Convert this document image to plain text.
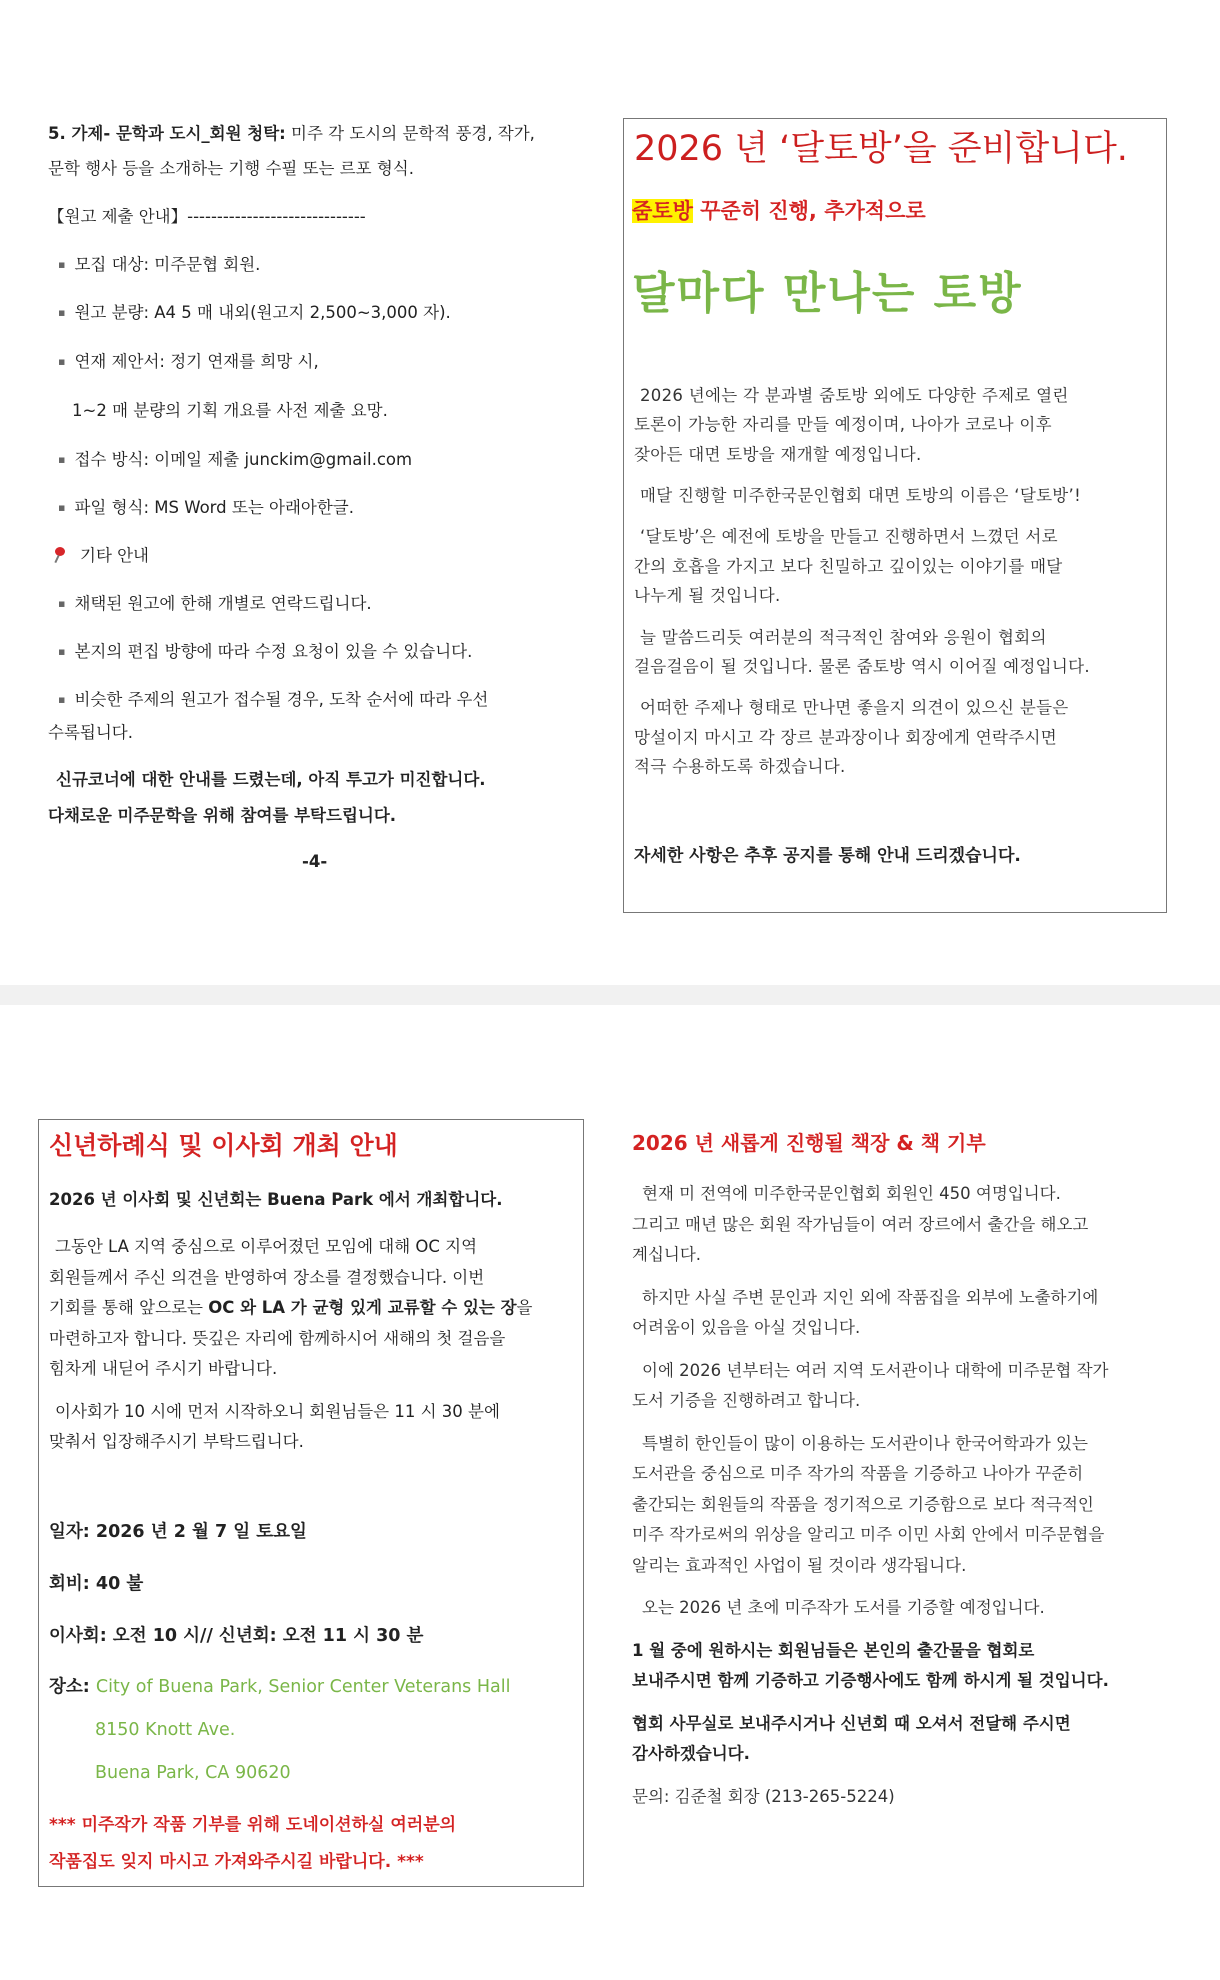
5. 가제- 문학과 도시_회원 청탁: 미주 각 도시의 문학적 풍경, 작가,
문학 행사 등을 소개하는 기행 수필 또는 르포 형식.
【원고 제출 안내】------------------------------
▪ 모집 대상: 미주문협 회원.
▪ 원고 분량: A4 5 매 내외(원고지 2,500~3,000 자).
▪ 연재 제안서: 정기 연재를 희망 시,
1~2 매 분량의 기획 개요를 사전 제출 요망.
▪ 접수 방식: 이메일 제출 junckim@gmail.com
▪ 파일 형식: MS Word 또는 아래아한글.
기타 안내
▪ 채택된 원고에 한해 개별로 연락드립니다.
▪ 본지의 편집 방향에 따라 수정 요청이 있을 수 있습니다.
▪ 비슷한 주제의 원고가 접수될 경우, 도착 순서에 따라 우선
수록됩니다.
신규코너에 대한 안내를 드렸는데, 아직 투고가 미진합니다.
다채로운 미주문학을 위해 참여를 부탁드립니다.
-4-
2026 년 ‘달토방’을 준비합니다.
줌토방 꾸준히 진행, 추가적으로
달마다 만나는 토방
2026 년에는 각 분과별 줌토방 외에도 다양한 주제로 열린
토론이 가능한 자리를 만들 예정이며, 나아가 코로나 이후
잦아든 대면 토방을 재개할 예정입니다.
매달 진행할 미주한국문인협회 대면 토방의 이름은 ‘달토방’!
‘달토방’은 예전에 토방을 만들고 진행하면서 느꼈던 서로
간의 호흡을 가지고 보다 친밀하고 깊이있는 이야기를 매달
나누게 될 것입니다.
늘 말씀드리듯 여러분의 적극적인 참여와 응원이 협회의
걸음걸음이 될 것입니다. 물론 줌토방 역시 이어질 예정입니다.
어떠한 주제나 형태로 만나면 좋을지 의견이 있으신 분들은
망설이지 마시고 각 장르 분과장이나 회장에게 연락주시면
적극 수용하도록 하겠습니다.
자세한 사항은 추후 공지를 통해 안내 드리겠습니다.
신년하례식 및 이사회 개최 안내
2026 년 이사회 및 신년회는 Buena Park 에서 개최합니다.
그동안 LA 지역 중심으로 이루어졌던 모임에 대해 OC 지역
회원들께서 주신 의견을 반영하여 장소를 결정했습니다. 이번
기회를 통해 앞으로는 OC 와 LA 가 균형 있게 교류할 수 있는 장을
마련하고자 합니다. 뜻깊은 자리에 함께하시어 새해의 첫 걸음을
힘차게 내딛어 주시기 바랍니다.
이사회가 10 시에 먼저 시작하오니 회원님들은 11 시 30 분에
맞춰서 입장해주시기 부탁드립니다.
일자: 2026 년 2 월 7 일 토요일
회비: 40 불
이사회: 오전 10 시// 신년회: 오전 11 시 30 분
장소: City of Buena Park, Senior Center Veterans Hall
8150 Knott Ave.
Buena Park, CA 90620
*** 미주작가 작품 기부를 위해 도네이션하실 여러분의
작품집도 잊지 마시고 가져와주시길 바랍니다. ***
2026 년 새롭게 진행될 책장 & 책 기부
현재 미 전역에 미주한국문인협회 회원인 450 여명입니다.
그리고 매년 많은 회원 작가님들이 여러 장르에서 출간을 해오고
계십니다.
하지만 사실 주변 문인과 지인 외에 작품집을 외부에 노출하기에
어려움이 있음을 아실 것입니다.
이에 2026 년부터는 여러 지역 도서관이나 대학에 미주문협 작가
도서 기증을 진행하려고 합니다.
특별히 한인들이 많이 이용하는 도서관이나 한국어학과가 있는
도서관을 중심으로 미주 작가의 작품을 기증하고 나아가 꾸준히
출간되는 회원들의 작품을 정기적으로 기증함으로 보다 적극적인
미주 작가로써의 위상을 알리고 미주 이민 사회 안에서 미주문협을
알리는 효과적인 사업이 될 것이라 생각됩니다.
오는 2026 년 초에 미주작가 도서를 기증할 예정입니다.
1 월 중에 원하시는 회원님들은 본인의 출간물을 협회로
보내주시면 함께 기증하고 기증행사에도 함께 하시게 될 것입니다.
협회 사무실로 보내주시거나 신년회 때 오셔서 전달해 주시면
감사하겠습니다.
문의: 김준철 회장 (213-265-5224)
